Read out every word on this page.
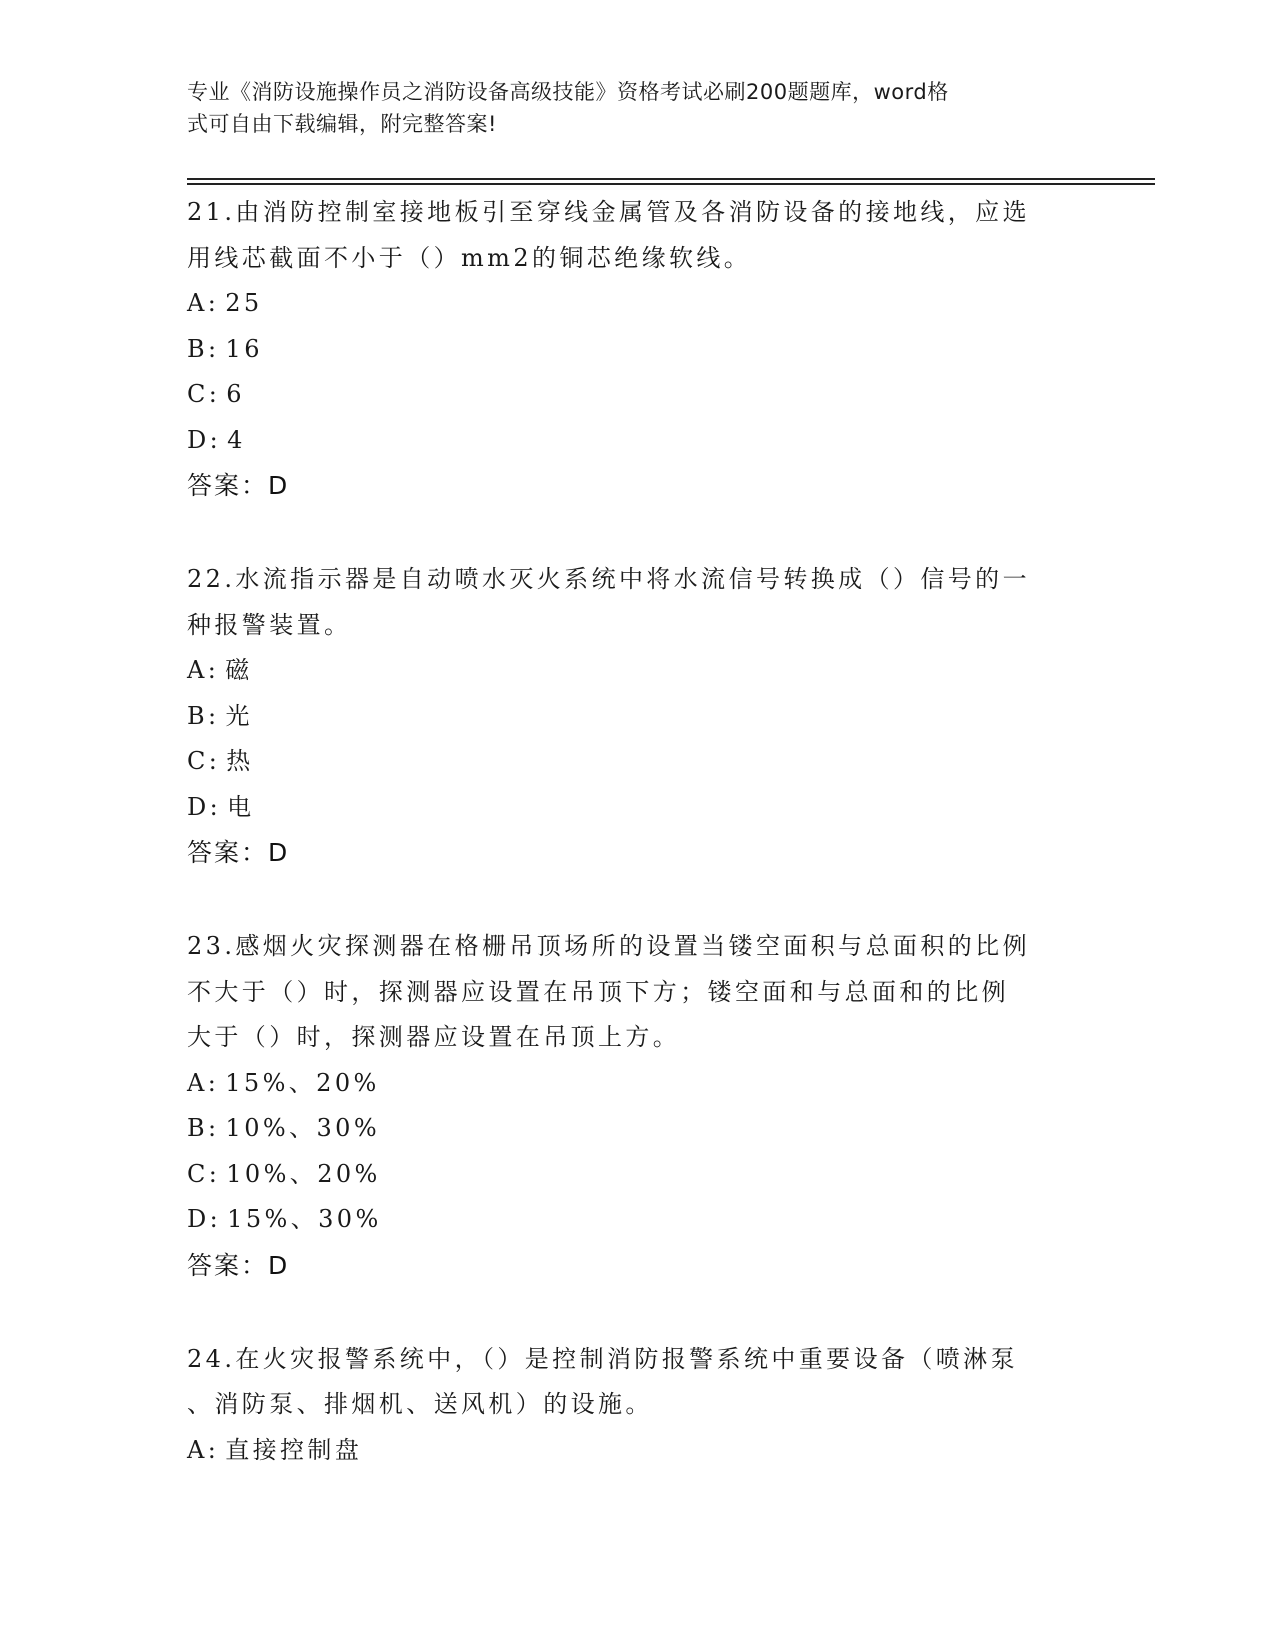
专业《消防设施操作员之消防设备高级技能》资格考试必刷200题题库，word格
式可自由下载编辑，附完整答案!
21.由消防控制室接地板引至穿线金属管及各消防设备的接地线，应选
用线芯截面不小于（）mm2的铜芯绝缘软线。
A: 25
B: 16
C: 6
D: 4
答案：D
22.水流指示器是自动喷水灭火系统中将水流信号转换成（）信号的一
种报警装置。
A: 磁
B: 光
C: 热
D: 电
答案：D
23.感烟火灾探测器在格栅吊顶场所的设置当镂空面积与总面积的比例
不大于（）时，探测器应设置在吊顶下方；镂空面和与总面和的比例
大于（）时，探测器应设置在吊顶上方。
A: 15%、20%
B: 10%、30%
C: 10%、20%
D: 15%、30%
答案：D
24.在火灾报警系统中，（）是控制消防报警系统中重要设备（喷淋泵
、消防泵、排烟机、送风机）的设施。
A: 直接控制盘
